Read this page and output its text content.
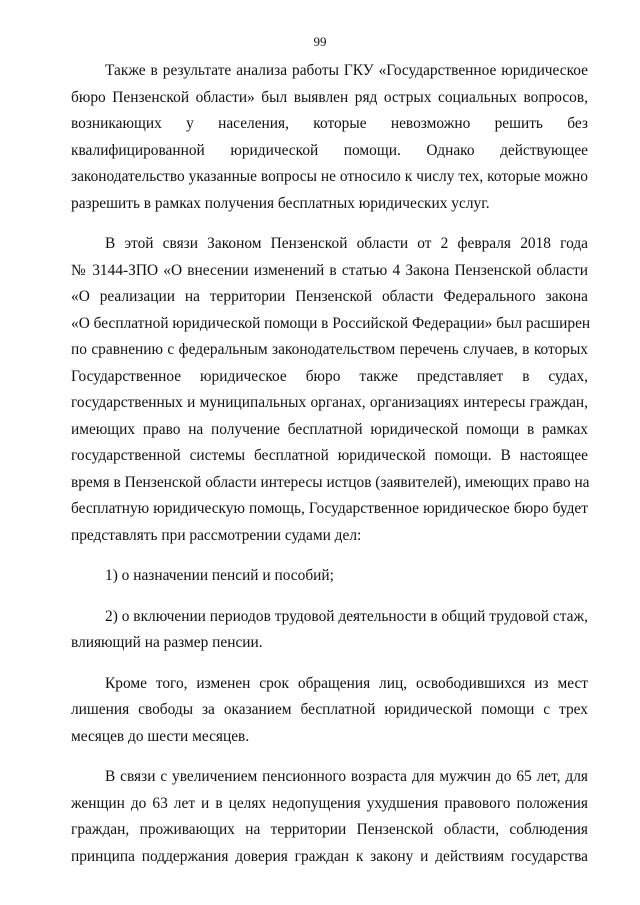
99
Также в результате анализа работы ГКУ «Государственное юридическое
бюро Пензенской области» был выявлен ряд острых социальных вопросов,
возникающих у населения, которые невозможно решить без
квалифицированной юридической помощи. Однако действующее
законодательство указанные вопросы не относило к числу тех, которые можно
разрешить в рамках получения бесплатных юридических услуг.
В этой связи Законом Пензенской области от 2 февраля 2018 года
№ 3144-ЗПО «О внесении изменений в статью 4 Закона Пензенской области
«О реализации на территории Пензенской области Федерального закона
«О бесплатной юридической помощи в Российской Федерации» был расширен
по сравнению с федеральным законодательством перечень случаев, в которых
Государственное юридическое бюро также представляет в судах,
государственных и муниципальных органах, организациях интересы граждан,
имеющих право на получение бесплатной юридической помощи в рамках
государственной системы бесплатной юридической помощи. В настоящее
время в Пензенской области интересы истцов (заявителей), имеющих право на
бесплатную юридическую помощь, Государственное юридическое бюро будет
представлять при рассмотрении судами дел:
1) о назначении пенсий и пособий;
2) о включении периодов трудовой деятельности в общий трудовой стаж,
влияющий на размер пенсии.
Кроме того, изменен срок обращения лиц, освободившихся из мест
лишения свободы за оказанием бесплатной юридической помощи с трех
месяцев до шести месяцев.
В связи с увеличением пенсионного возраста для мужчин до 65 лет, для
женщин до 63 лет и в целях недопущения ухудшения правового положения
граждан, проживающих на территории Пензенской области, соблюдения
принципа поддержания доверия граждан к закону и действиям государства
